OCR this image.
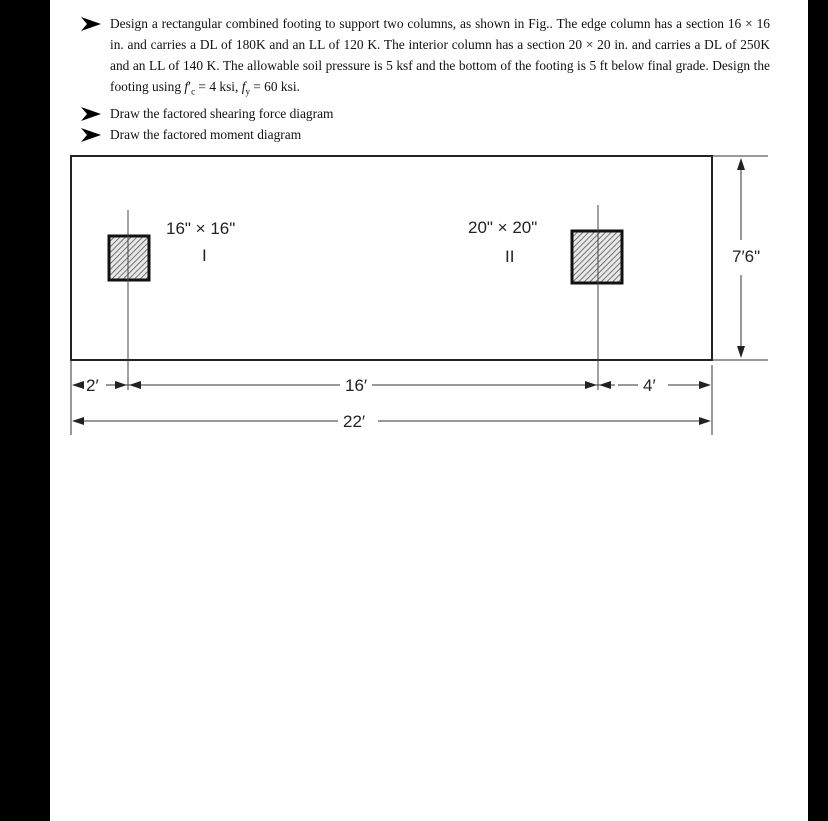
Design a rectangular combined footing to support two columns, as shown in Fig.. The edge column has a section 16 × 16 in. and carries a DL of 180K and an LL of 120 K. The interior column has a section 20 × 20 in. and carries a DL of 250K and an LL of 140 K. The allowable soil pressure is 5 ksf and the bottom of the footing is 5 ft below final grade. Design the footing using $f'_c = 4$ ksi, $f_y = 60$ ksi.
Draw the factored shearing force diagram
Draw the factored moment diagram
16" × 16"
I
20" × 20"
II	7′6"
2′	16′	4′
22′
